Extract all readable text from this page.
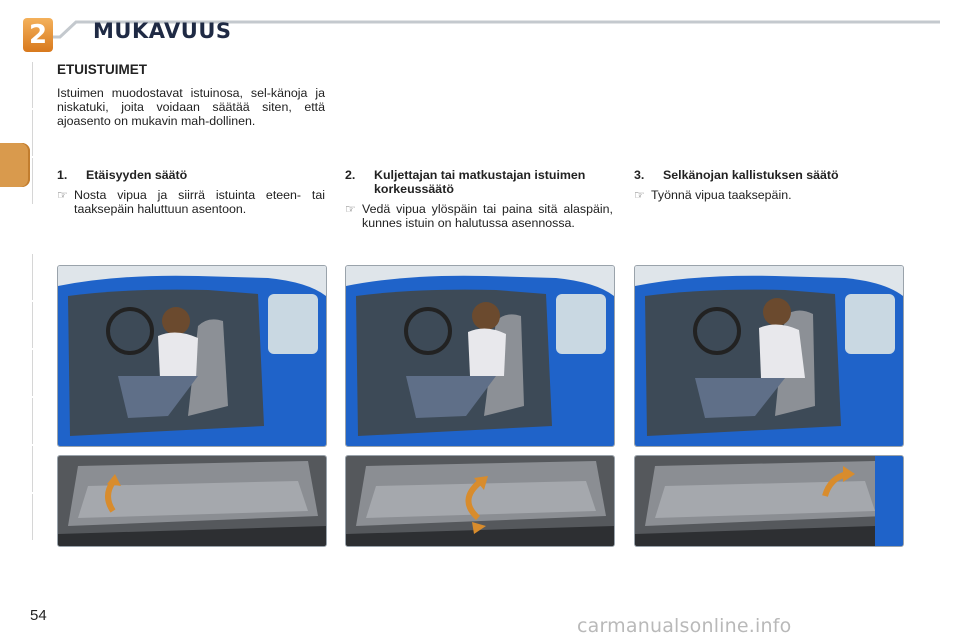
2 MUKAVUUS
ETUISTUIMET
Istuimen muodostavat istuinosa, sel-känoja ja niskatuki, joita voidaan säätää siten, että ajoasento on mukavin mah-dollinen.
1.	Etäisyyden säätö
☞ Nosta vipua ja siirrä istuinta eteen- tai taaksepäin haluttuun asentoon.
2.	Kuljettajan tai matkustajan istuimen korkeussäätö
☞ Vedä vipua ylöspäin tai paina sitä alaspäin, kunnes istuin on halutussa asennossa.
3.	Selkänojan kallistuksen säätö
☞ Työnnä vipua taaksepäin.
54	carmanualsonline.info
